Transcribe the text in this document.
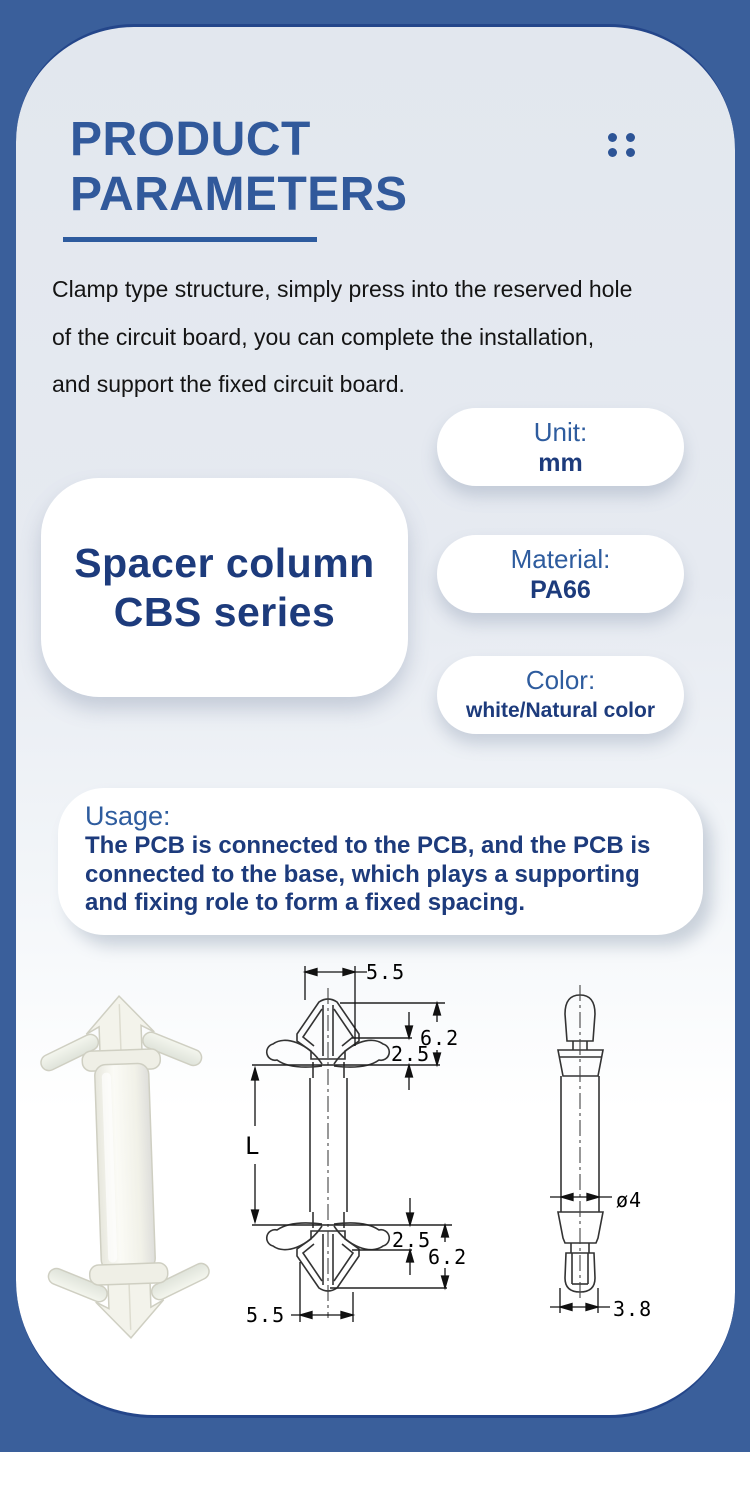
PRODUCT
PARAMETERS

Clamp type structure, simply press into the reserved hole
of the circuit board, you can complete the installation,
and support the fixed circuit board.

Spacer column
CBS series
Unit:
mm
Material:
PA66
Color:
white/Natural color
Usage:
The PCB is connected to the PCB, and the PCB is
connected to the base, which plays a supporting
and fixing role to form a fixed spacing.
5.5
6.2
2.5
L
2.5
6.2
5.5
ø4
3.8
